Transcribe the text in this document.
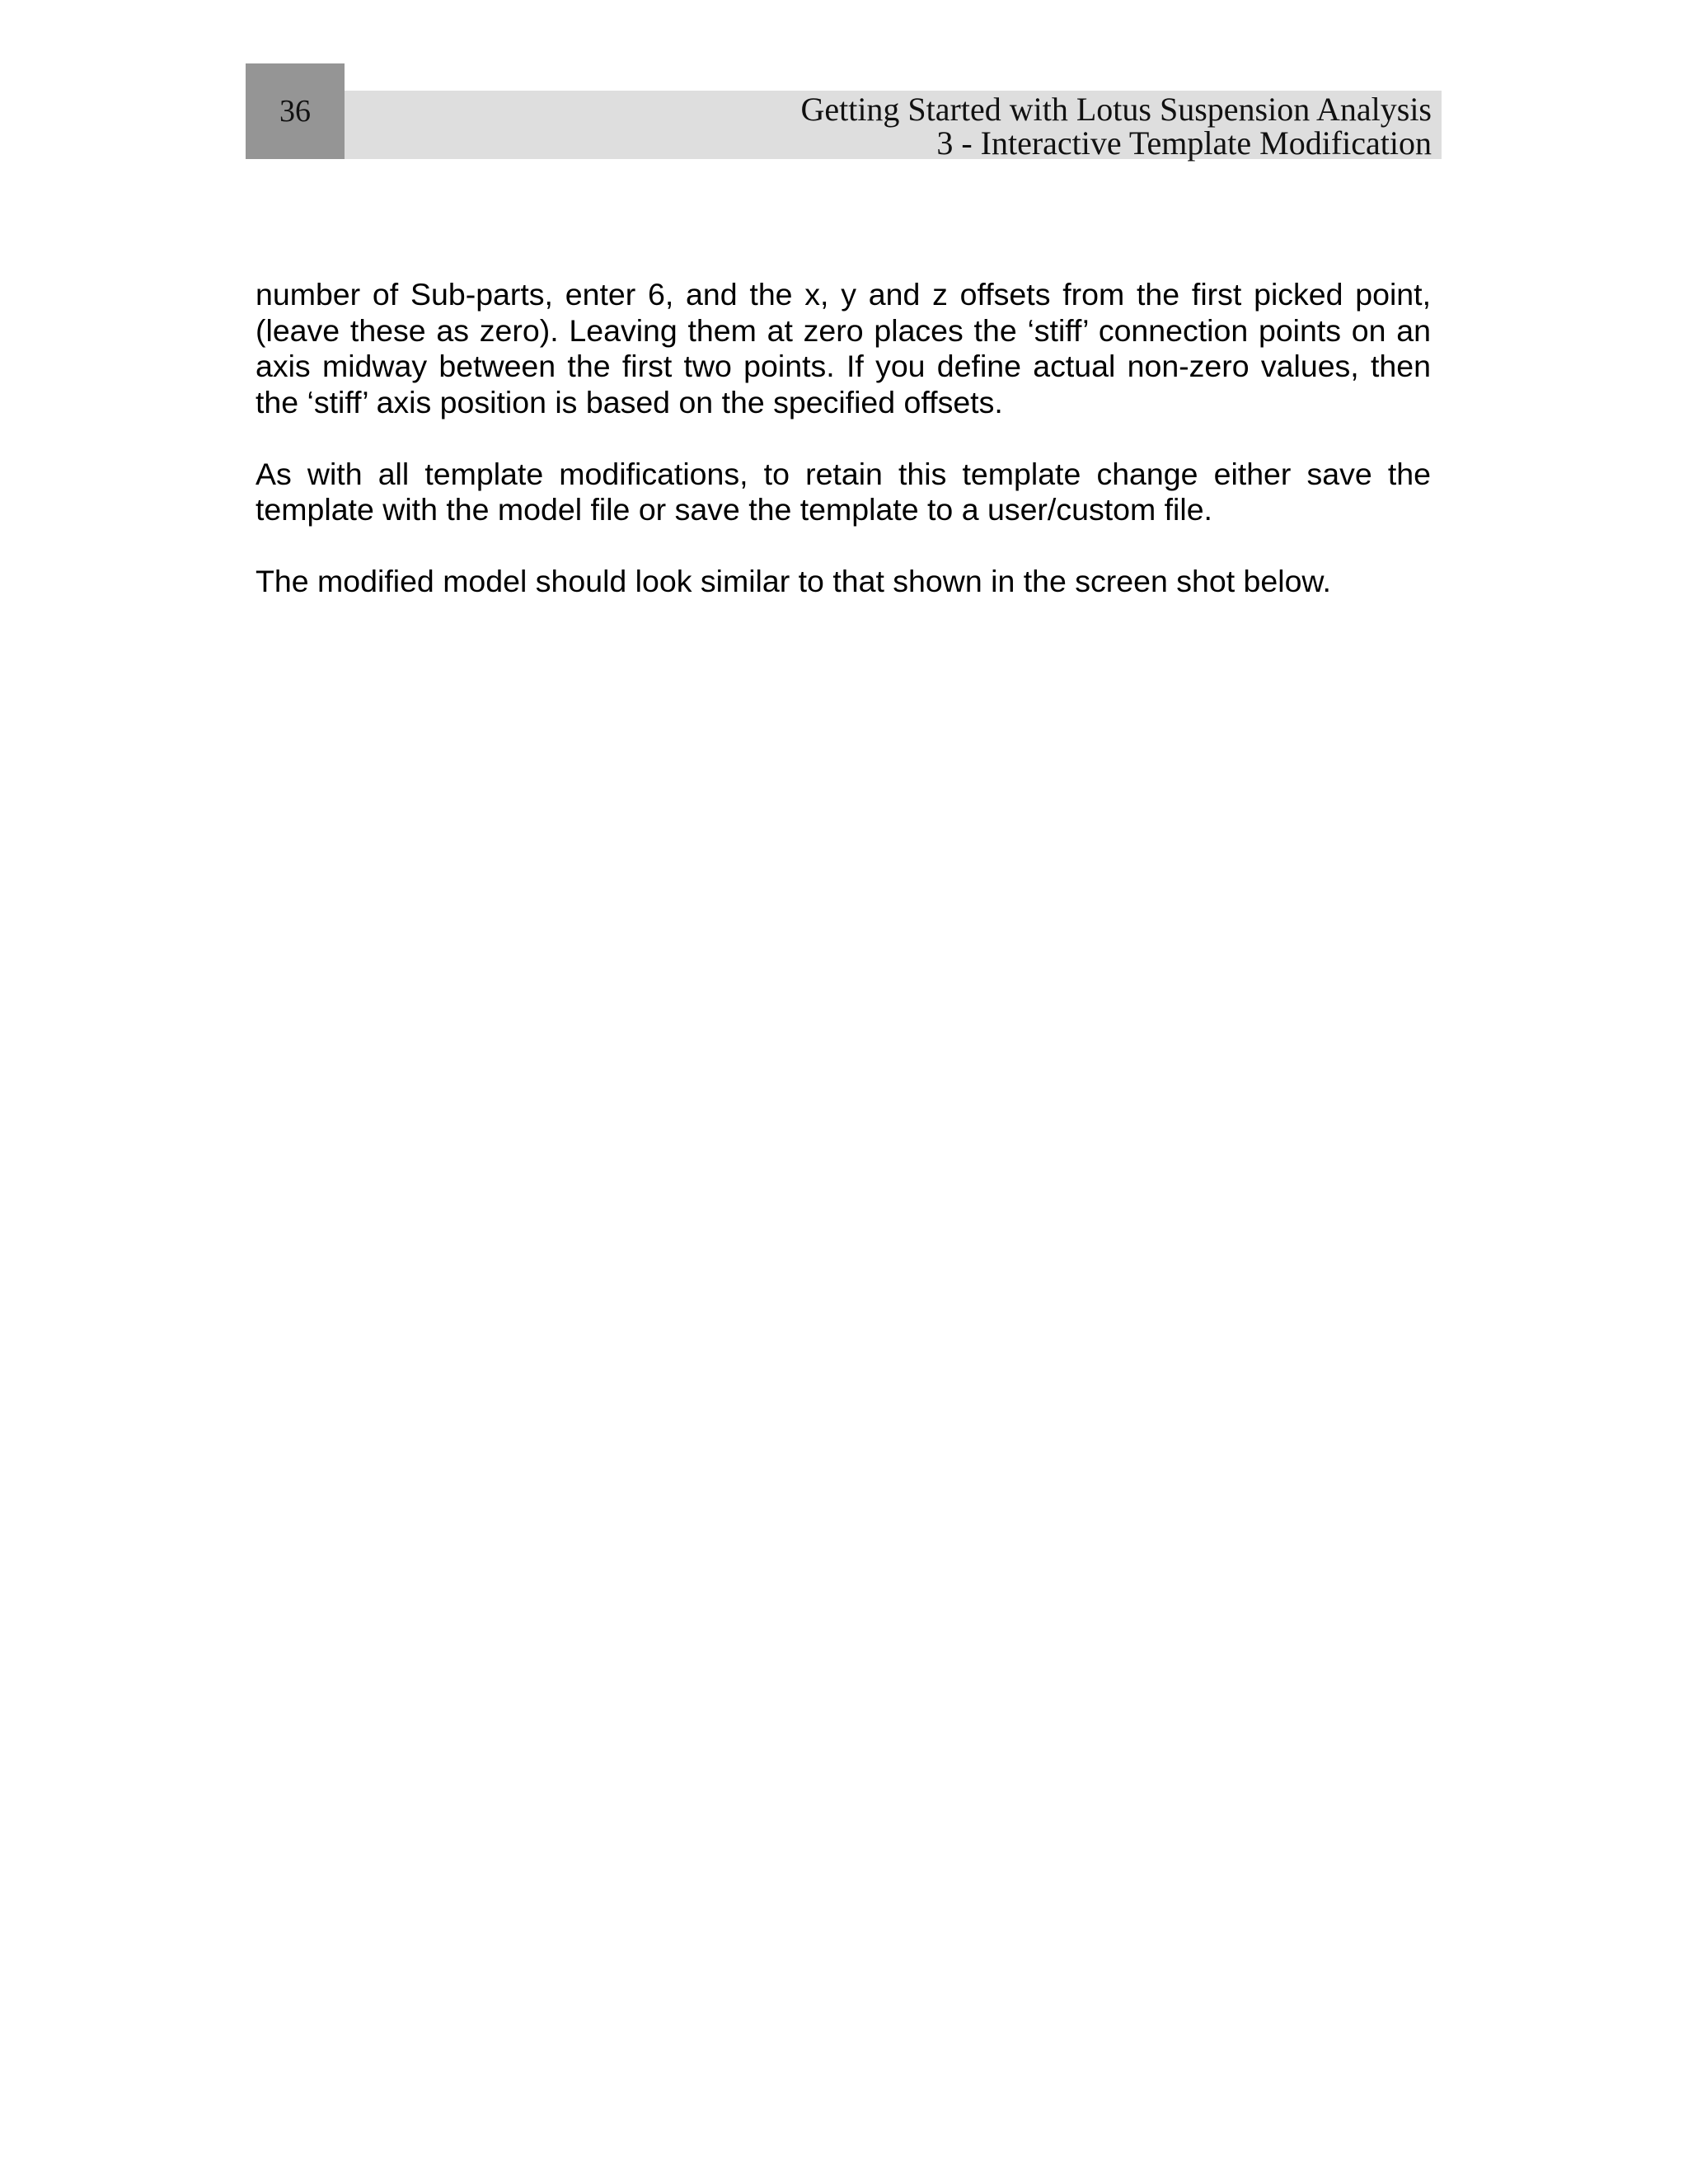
36	Getting Started with Lotus Suspension Analysis
3 - Interactive Template Modification

number of Sub-parts, enter 6, and the x, y and z offsets from the first picked point, (leave these as zero). Leaving them at zero places the ‘stiff’ connection points on an axis midway between the first two points. If you define actual non-zero values, then the ‘stiff’ axis position is based on the specified offsets.

As with all template modifications, to retain this template change either save the template with the model file or save the template to a user/custom file.

The modified model should look similar to that shown in the screen shot below.
